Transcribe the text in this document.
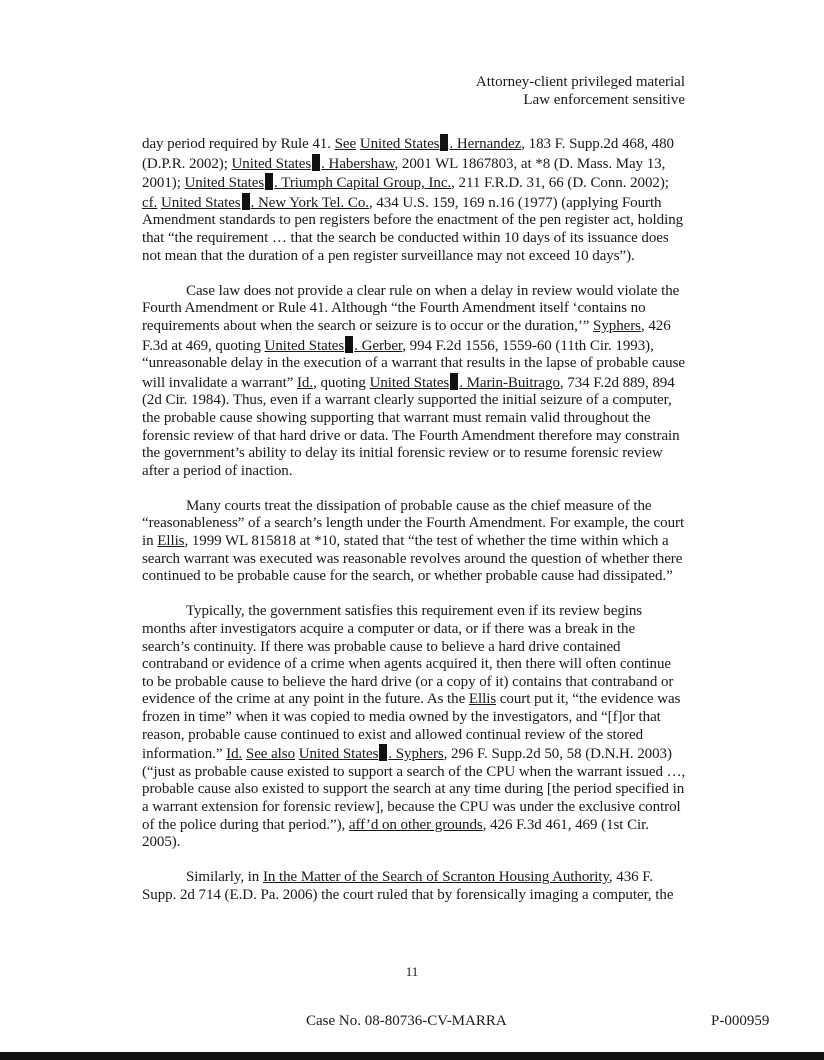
Attorney-client privileged material
Law enforcement sensitive

day period required by Rule 41. See United States . Hernandez, 183 F. Supp.2d 468, 480 (D.P.R. 2002); United States . Habershaw, 2001 WL 1867803, at *8 (D. Mass. May 13, 2001); United States . Triumph Capital Group, Inc., 211 F.R.D. 31, 66 (D. Conn. 2002); cf. United States . New York Tel. Co., 434 U.S. 159, 169 n.16 (1977) (applying Fourth Amendment standards to pen registers before the enactment of the pen register act, holding that “the requirement … that the search be conducted within 10 days of its issuance does not mean that the duration of a pen register surveillance may not exceed 10 days”).

Case law does not provide a clear rule on when a delay in review would violate the Fourth Amendment or Rule 41. Although “the Fourth Amendment itself ‘contains no requirements about when the search or seizure is to occur or the duration,’” Syphers, 426 F.3d at 469, quoting United States . Gerber, 994 F.2d 1556, 1559-60 (11th Cir. 1993), “unreasonable delay in the execution of a warrant that results in the lapse of probable cause will invalidate a warrant” Id., quoting United States . Marin-Buitrago, 734 F.2d 889, 894 (2d Cir. 1984). Thus, even if a warrant clearly supported the initial seizure of a computer, the probable cause showing supporting that warrant must remain valid throughout the forensic review of that hard drive or data. The Fourth Amendment therefore may constrain the government’s ability to delay its initial forensic review or to resume forensic review after a period of inaction.

Many courts treat the dissipation of probable cause as the chief measure of the “reasonableness” of a search’s length under the Fourth Amendment. For example, the court in Ellis, 1999 WL 815818 at *10, stated that “the test of whether the time within which a search warrant was executed was reasonable revolves around the question of whether there continued to be probable cause for the search, or whether probable cause had dissipated.”

Typically, the government satisfies this requirement even if its review begins months after investigators acquire a computer or data, or if there was a break in the search’s continuity. If there was probable cause to believe a hard drive contained contraband or evidence of a crime when agents acquired it, then there will often continue to be probable cause to believe the hard drive (or a copy of it) contains that contraband or evidence of the crime at any point in the future. As the Ellis court put it, “the evidence was frozen in time” when it was copied to media owned by the investigators, and “[f]or that reason, probable cause continued to exist and allowed continual review of the stored information.” Id. See also United States . Syphers, 296 F. Supp.2d 50, 58 (D.N.H. 2003) (“just as probable cause existed to support a search of the CPU when the warrant issued …, probable cause also existed to support the search at any time during [the period specified in a warrant extension for forensic review], because the CPU was under the exclusive control of the police during that period.”), aff’d on other grounds, 426 F.3d 461, 469 (1st Cir. 2005).

Similarly, in In the Matter of the Search of Scranton Housing Authority, 436 F. Supp. 2d 714 (E.D. Pa. 2006) the court ruled that by forensically imaging a computer, the

11
Case No. 08-80736-CV-MARRA	P-000959
